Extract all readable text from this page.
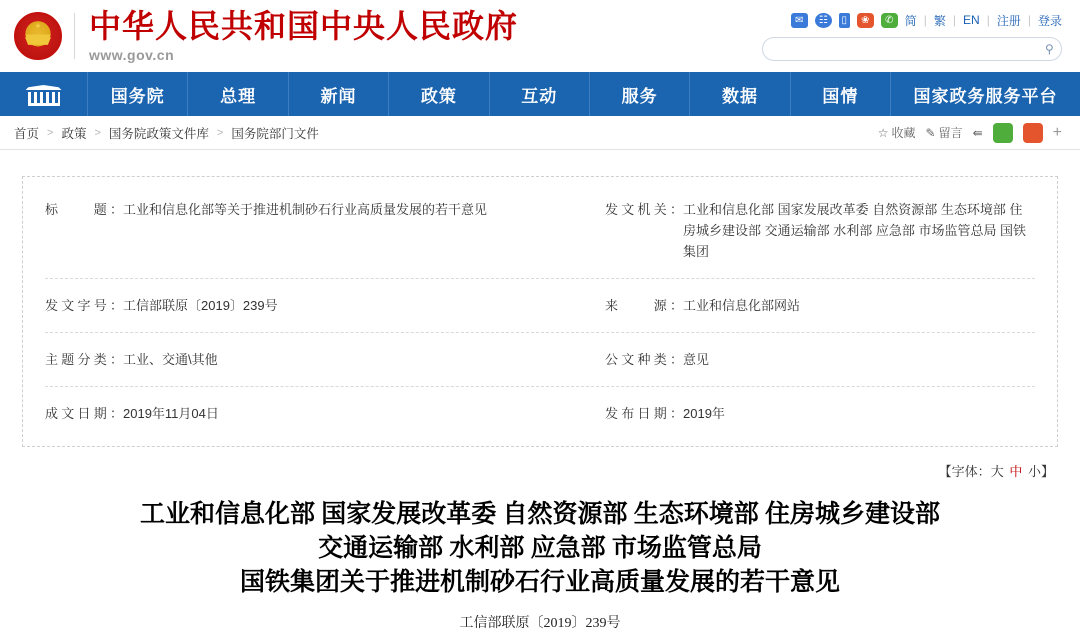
中华人民共和国中央人民政府
www.gov.cn
✉	☷	▯	❀	✆ 简 | 繁 | EN | 注册 | 登录
⚲
国务院	总理	新闻	政策	互动	服务	数据	国情	国家政务服务平台
首页 > 政策 > 国务院政策文件库 > 国务院部门文件	☆ 收藏 ✎ 留言 ⇚	+
标　　题： 工业和信息化部等关于推进机制砂石行业高质量发展的若干意见	发文机关： 工业和信息化部 国家发展改革委 自然资源部 生态环境部 住房城乡建设部 交通运输部 水利部 应急部 市场监管总局 国铁集团
发文字号： 工信部联原〔2019〕239号	来　　源： 工业和信息化部网站
主题分类： 工业、交通\其他	公文种类： 意见
成文日期： 2019年11月04日	发布日期： 2019年
【字体：大 中 小】
工业和信息化部 国家发展改革委 自然资源部 生态环境部 住房城乡建设部
交通运输部 水利部 应急部 市场监管总局
国铁集团关于推进机制砂石行业高质量发展的若干意见
工信部联原〔2019〕239号
